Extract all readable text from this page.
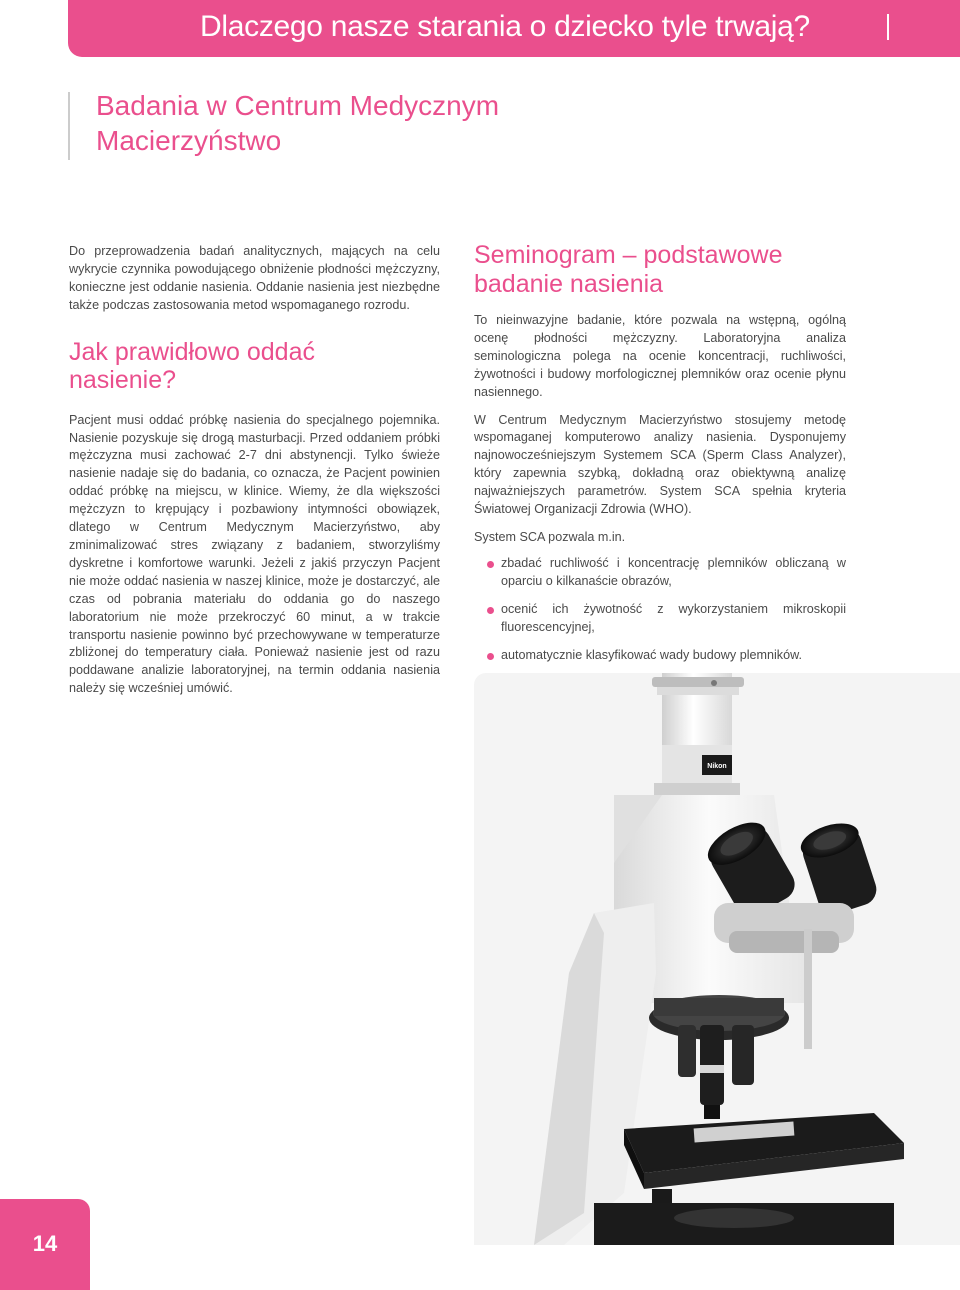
Dlaczego nasze starania o dziecko tyle trwają?
Badania w Centrum Medycznym
Macierzyństwo

Do przeprowadzenia badań analitycznych, mających na celu wykrycie czynnika powodującego obniżenie płodności mężczyzny, konieczne jest oddanie nasienia. Oddanie nasienia jest niezbędne także podczas zastosowania metod wspomaganego rozrodu.

Jak prawidłowo oddać
nasienie?

Pacjent musi oddać próbkę nasienia do specjalnego pojemnika. Nasienie pozyskuje się drogą masturbacji. Przed oddaniem próbki mężczyzna musi zachować 2-7 dni abstynencji. Tylko świeże nasienie nadaje się do badania, co oznacza, że Pacjent powinien oddać próbkę na miejscu, w klinice. Wiemy, że dla większości mężczyzn to krępujący i pozbawiony intymności obowiązek, dlatego w Centrum Medycznym Macierzyństwo, aby zminimalizować stres związany z badaniem, stworzyliśmy dyskretne i komfortowe warunki. Jeżeli z jakiś przyczyn Pacjent nie może oddać nasienia w naszej klinice, może je dostarczyć, ale czas od pobrania materiału do oddania go do naszego laboratorium nie może przekroczyć 60 minut, a w trakcie transportu nasienie powinno być przechowywane w temperaturze zbliżonej do temperatury ciała. Ponieważ nasienie jest od razu poddawane analizie laboratoryjnej, na termin oddania nasienia należy się wcześniej umówić.

Seminogram – podstawowe
badanie nasienia

To nieinwazyjne badanie, które pozwala na wstępną, ogólną ocenę płodności mężczyzny. Laboratoryjna analiza seminologiczna polega na ocenie koncentracji, ruchliwości, żywotności i budowy morfologicznej plemników oraz ocenie płynu nasiennego.

W Centrum Medycznym Macierzyństwo stosujemy metodę wspomaganej komputerowo analizy nasienia. Dysponujemy najnowocześniejszym Systemem SCA (Sperm Class Analyzer), który zapewnia szybką, dokładną oraz obiektywną analizę najważniejszych parametrów. System SCA spełnia kryteria Światowej Organizacji Zdrowia (WHO).

System SCA pozwala m.in.

zbadać ruchliwość i koncentrację plemników obliczaną w oparciu o kilkanaście obrazów,
ocenić ich żywotność z wykorzystaniem mikroskopii fluorescencyjnej,
automatycznie klasyfikować wady budowy plemników.
Nikon
14
